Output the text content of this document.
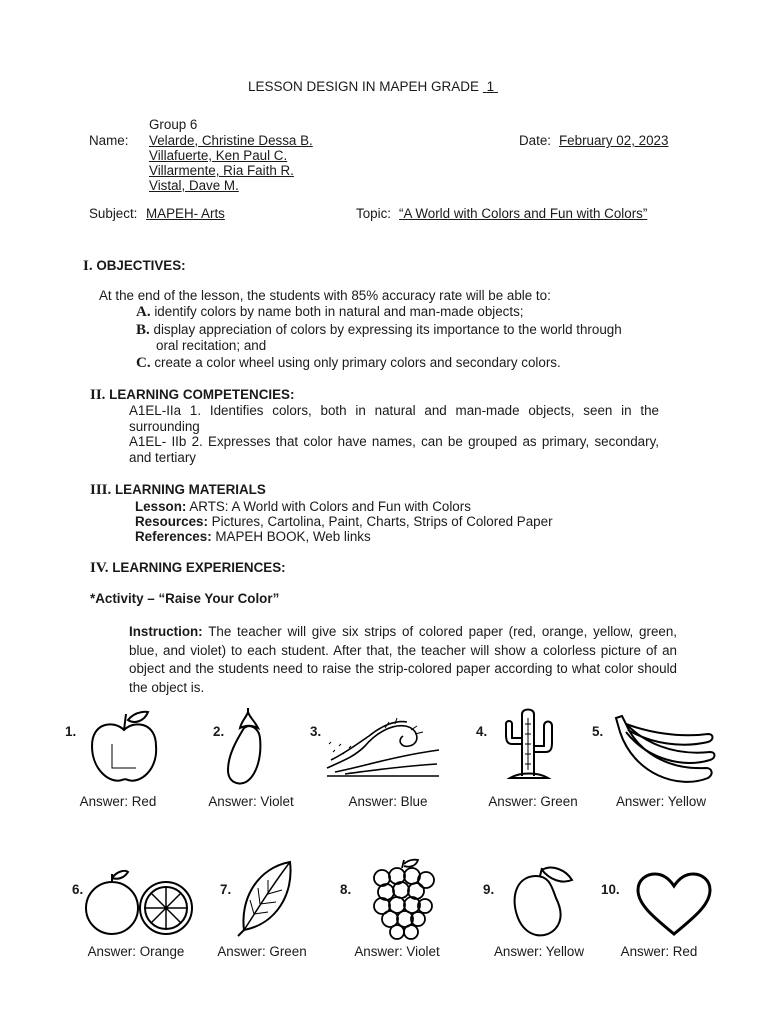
LESSON DESIGN IN MAPEH GRADE 1
Group 6
Name: Velarde, Christine Dessa B.
Villafuerte, Ken Paul C.
Villarmente, Ria Faith R.
Vistal, Dave M.
Date: February 02, 2023
Subject: MAPEH- Arts	Topic: “A World with Colors and Fun with Colors”
I. OBJECTIVES:
At the end of the lesson, the students with 85% accuracy rate will be able to:
A. identify colors by name both in natural and man-made objects;
B. display appreciation of colors by expressing its importance to the world through
oral recitation; and
C. create a color wheel using only primary colors and secondary colors.
II. LEARNING COMPETENCIES:
A1EL-IIa 1. Identifies colors, both in natural and man-made objects, seen in the surrounding
A1EL- IIb 2. Expresses that color have names, can be grouped as primary, secondary, and tertiary
III. LEARNING MATERIALS
Lesson: ARTS: A World with Colors and Fun with Colors
Resources: Pictures, Cartolina, Paint, Charts, Strips of Colored Paper
References: MAPEH BOOK, Web links
IV. LEARNING EXPERIENCES:
*Activity – “Raise Your Color”
Instruction: The teacher will give six strips of colored paper (red, orange, yellow, green, blue, and violet) to each student. After that, the teacher will show a colorless picture of an object and the students need to raise the strip-colored paper according to what color should the object is.
1.	2.	3.	4.	5.
Answer: Red	Answer: Violet	Answer: Blue	Answer: Green	Answer: Yellow
6.	7.	8.	9.	10.
Answer: Orange	Answer: Green	Answer: Violet	Answer: Yellow	Answer: Red
